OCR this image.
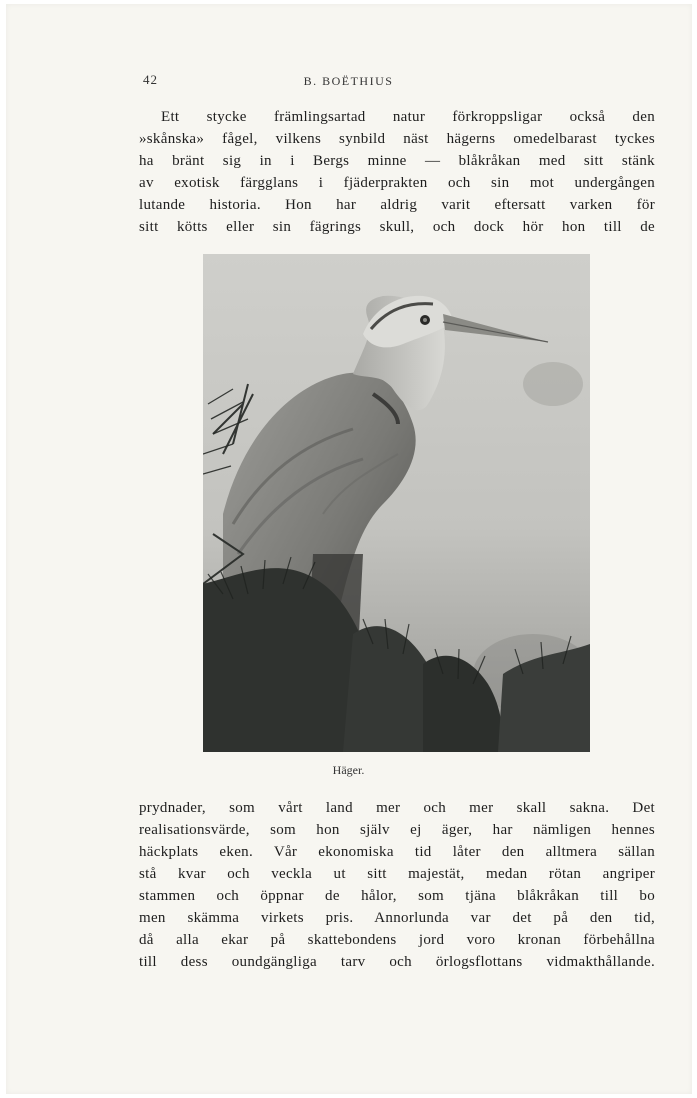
42	B. BOËTHIUS
Ett stycke främlingsartad natur förkroppsligar också den
»skånska» fågel, vilkens synbild näst hägerns omedelbarast tyckes
ha bränt sig in i Bergs minne — blåkråkan med sitt stänk
av exotisk färgglans i fjäderprakten och sin mot undergången
lutande historia. Hon har aldrig varit eftersatt varken för
sitt kötts eller sin fägrings skull, och dock hör hon till de
Häger.
prydnader, som vårt land mer och mer skall sakna. Det
realisationsvärde, som hon själv ej äger, har nämligen hennes
häckplats eken. Vår ekonomiska tid låter den alltmera sällan
stå kvar och veckla ut sitt majestät, medan rötan angriper
stammen och öppnar de hålor, som tjäna blåkråkan till bo
men skämma virkets pris. Annorlunda var det på den tid,
då alla ekar på skattebondens jord voro kronan förbehållna
till dess oundgängliga tarv och örlogsflottans vidmakthållande.
